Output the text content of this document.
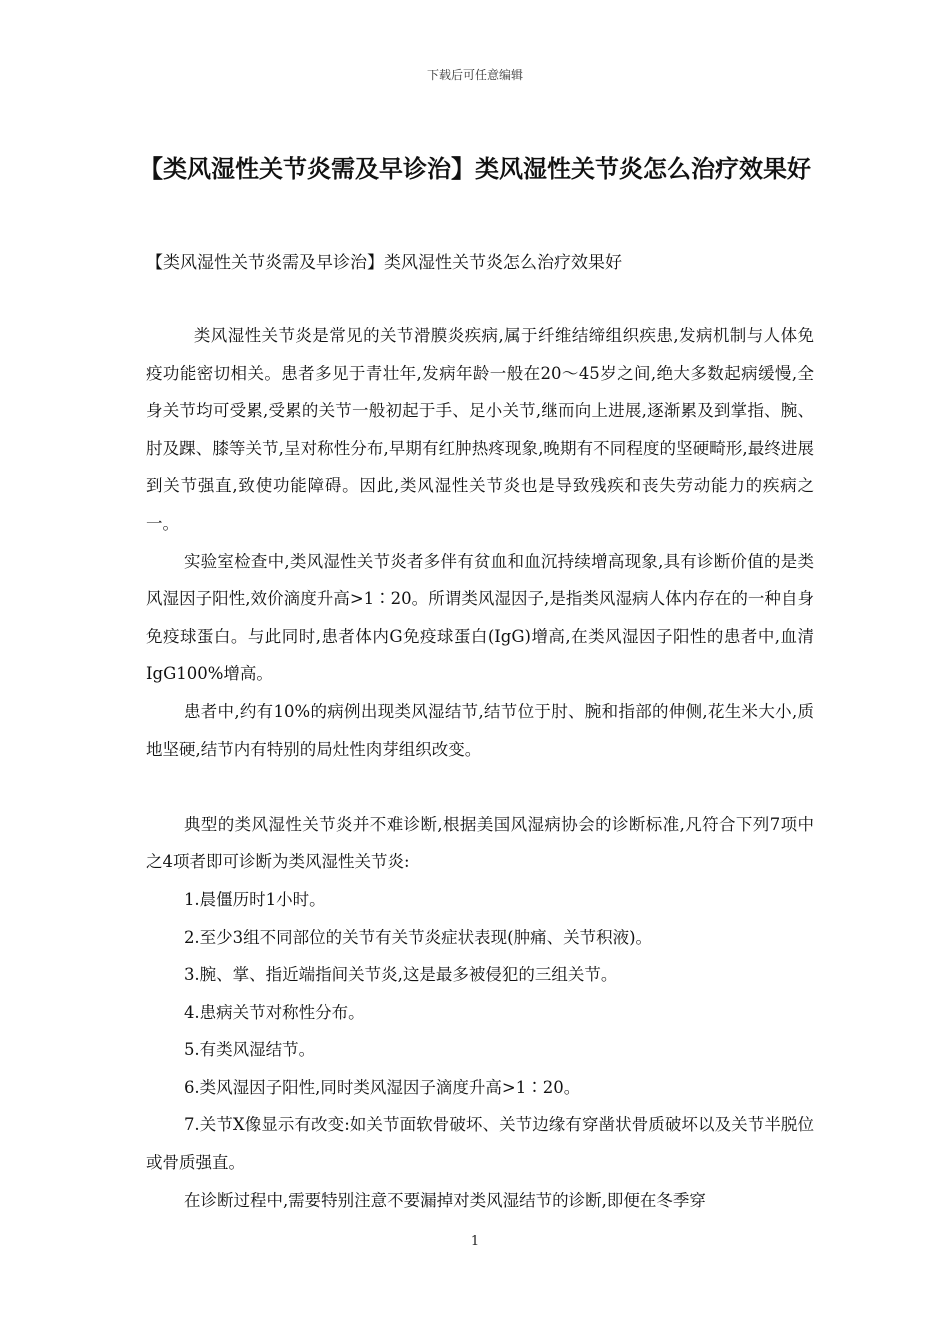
下载后可任意编辑
【类风湿性关节炎需及早诊治】类风湿性关节炎怎么治疗效果好

【类风湿性关节炎需及早诊治】类风湿性关节炎怎么治疗效果好

类风湿性关节炎是常见的关节滑膜炎疾病,属于纤维结缔组织疾患,发病机制与人体免疫功能密切相关。患者多见于青壮年,发病年龄一般在20～45岁之间,绝大多数起病缓慢,全身关节均可受累,受累的关节一般初起于手、足小关节,继而向上进展,逐渐累及到掌指、腕、肘及踝、膝等关节,呈对称性分布,早期有红肿热疼现象,晚期有不同程度的坚硬畸形,最终进展到关节强直,致使功能障碍。因此,类风湿性关节炎也是导致残疾和丧失劳动能力的疾病之一。

实验室检查中,类风湿性关节炎者多伴有贫血和血沉持续增高现象,具有诊断价值的是类风湿因子阳性,效价滴度升高>1∶20。所谓类风湿因子,是指类风湿病人体内存在的一种自身免疫球蛋白。与此同时,患者体内G免疫球蛋白(IgG)增高,在类风湿因子阳性的患者中,血清IgG100%增高。

患者中,约有10%的病例出现类风湿结节,结节位于肘、腕和指部的伸侧,花生米大小,质地坚硬,结节内有特别的局灶性肉芽组织改变。

典型的类风湿性关节炎并不难诊断,根据美国风湿病协会的诊断标准,凡符合下列7项中之4项者即可诊断为类风湿性关节炎:

1.晨僵历时1小时。

2.至少3组不同部位的关节有关节炎症状表现(肿痛、关节积液)。

3.腕、掌、指近端指间关节炎,这是最多被侵犯的三组关节。

4.患病关节对称性分布。

5.有类风湿结节。

6.类风湿因子阳性,同时类风湿因子滴度升高>1∶20。

7.关节X像显示有改变:如关节面软骨破坏、关节边缘有穿凿状骨质破坏以及关节半脱位或骨质强直。

在诊断过程中,需要特别注意不要漏掉对类风湿结节的诊断,即便在冬季穿

1
